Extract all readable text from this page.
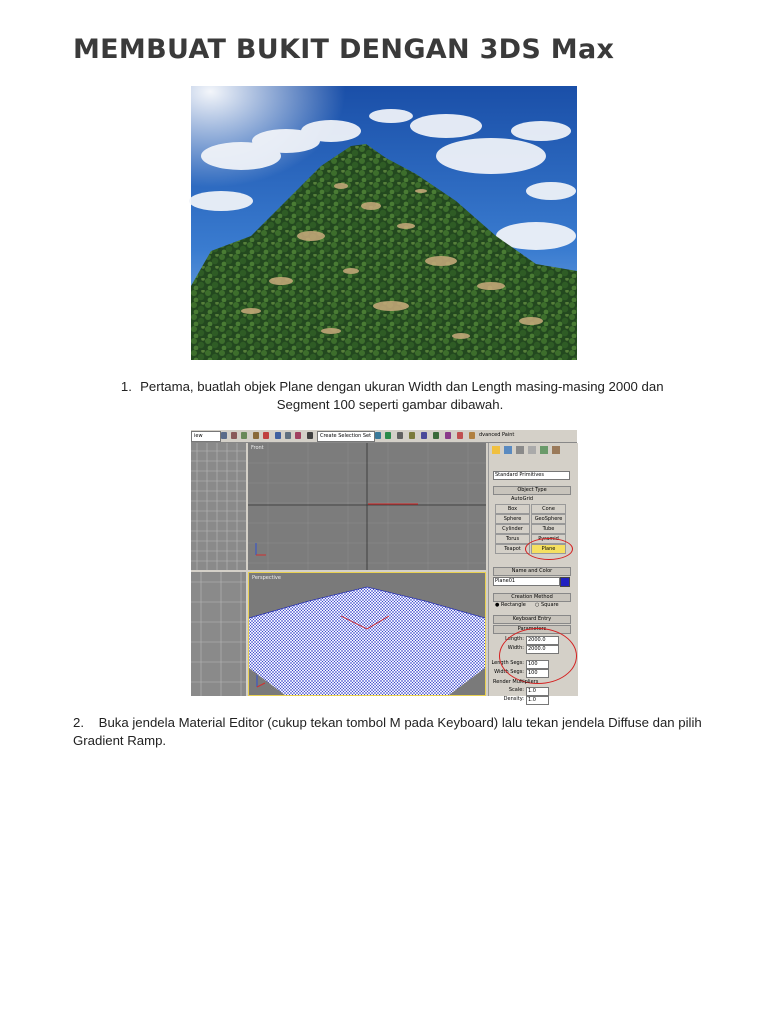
MEMBUAT BUKIT DENGAN 3DS Max

1. Pertama, buatlah objek Plane dengan ukuran Width dan Length masing-masing 2000 dan Segment 100 seperti gambar dibawah.

iew	Create Selection Set	dvanced Paint
Front
Perspective
Standard Primitives
Object Type
AutoGrid
Box	Cone
Sphere	GeoSphere
Cylinder	Tube
Torus	Pyramid
Teapot	Plane
Name and Color
Plane01
Creation Method
● Rectangle ○ Square
Keyboard Entry
Parameters
Length: 2000.0
Width: 2000.0
Length Segs: 100
Width Segs: 100
Render Multipliers
Scale: 1.0
Density: 1.0

2. Buka jendela Material Editor (cukup tekan tombol M pada Keyboard) lalu tekan jendela Diffuse dan pilih Gradient Ramp.
